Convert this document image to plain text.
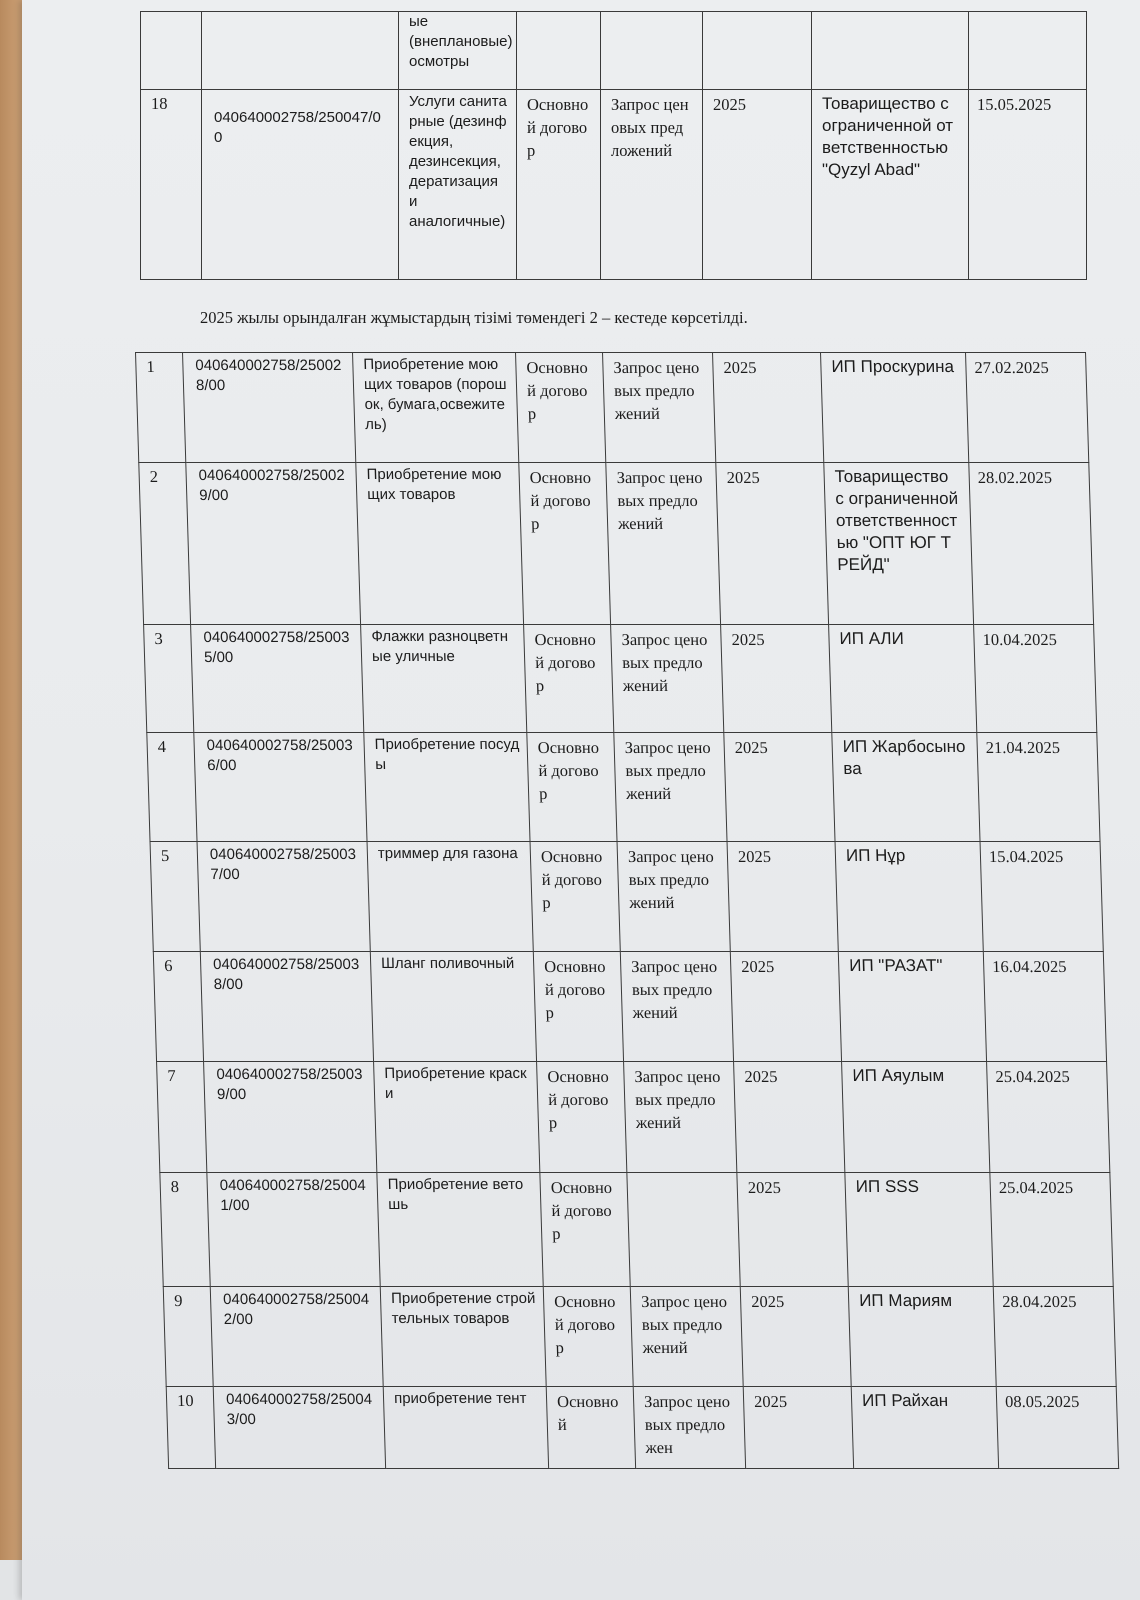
		ые
(внеплановые)
осмотры					

18	040640002758/250047/00	Услуги санитарные (дезинфекция,
дезинсекция,
дератизация и
аналогичные)	Основной договор	Запрос ценовых предложений	2025	Товарищество с ограниченной ответственностью "Qyzyl Abad"	15.05.2025
2025 жылы орындалған жұмыстардың тізімі төмендегі 2 – кестеде көрсетілді.
1	040640002758/250028/00	Приобретение моющих товаров (порошок, бумага,освежитель)	Основной договор	Запрос ценовых предложений	2025	ИП Проскурина	27.02.2025

2	040640002758/250029/00	Приобретение моющих товаров	Основной договор	Запрос ценовых предложений	2025	Товарищество с ограниченной ответственностью "ОПТ ЮГ ТРЕЙД"	28.02.2025

3	040640002758/250035/00	Флажки разноцветные уличные	Основной договор	Запрос ценовых предложений	2025	ИП АЛИ	10.04.2025

4	040640002758/250036/00	Приобретение посуды	Основной договор	Запрос ценовых предложений	2025	ИП Жарбосынова	21.04.2025

5	040640002758/250037/00	триммер для газона	Основной договор	Запрос ценовых предложений	2025	ИП Нұр	15.04.2025

6	040640002758/250038/00	Шланг поливочный	Основной договор	Запрос ценовых предложений	2025	ИП "РАЗАТ"	16.04.2025

7	040640002758/250039/00	Приобретение краски	Основной договор	Запрос ценовых предложений	2025	ИП Аяулым	25.04.2025

8	040640002758/250041/00	Приобретение ветошь	Основной договор		2025	ИП SSS	25.04.2025

9	040640002758/250042/00	Приобретение стройтельных товаров	Основной договор	Запрос ценовых предложений	2025	ИП Мариям	28.04.2025

10	040640002758/250043/00	приобретение тент	Основной	Запрос ценовых предложен	2025	ИП Райхан	08.05.2025
